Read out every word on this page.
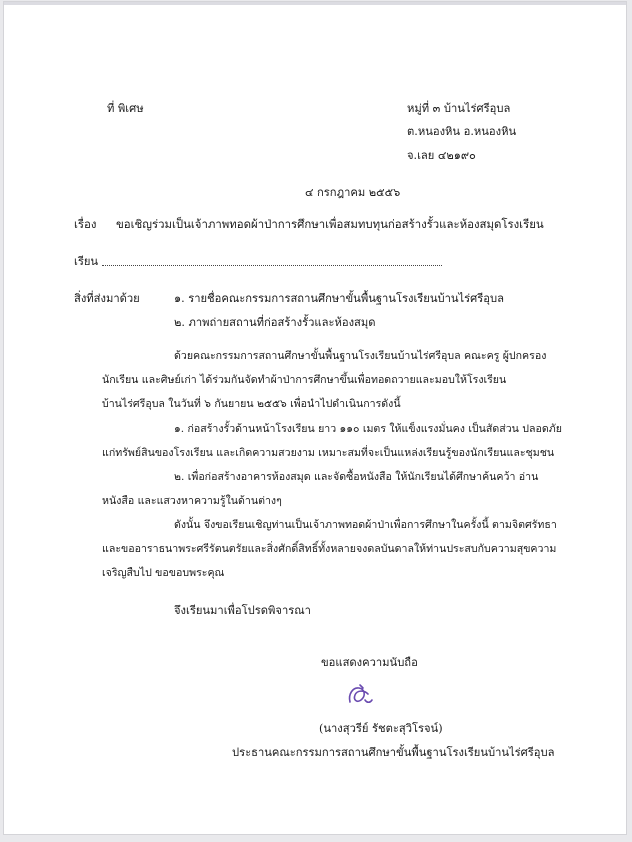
ที่ พิเศษ	หมู่ที่ ๓ บ้านไร่ศรีอุบล
ต.หนองหิน อ.หนองหิน
จ.เลย ๔๒๑๙๐
๔ กรกฎาคม ๒๕๕๖
เรื่อง ขอเชิญร่วมเป็นเจ้าภาพทอดผ้าป่าการศึกษาเพื่อสมทบทุนก่อสร้างรั้วและห้องสมุดโรงเรียน
เรียน
สิ่งที่ส่งมาด้วย	๑. รายชื่อคณะกรรมการสถานศึกษาขั้นพื้นฐานโรงเรียนบ้านไร่ศรีอุบล
๒. ภาพถ่ายสถานที่ก่อสร้างรั้วและห้องสมุด
ด้วยคณะกรรมการสถานศึกษาขั้นพื้นฐานโรงเรียนบ้านไร่ศรีอุบล คณะครู ผู้ปกครอง
นักเรียน และศิษย์เก่า ได้ร่วมกันจัดทำผ้าป่าการศึกษาขึ้นเพื่อทอดถวายและมอบให้โรงเรียน
บ้านไร่ศรีอุบล ในวันที่ ๖ กันยายน ๒๕๕๖ เพื่อนำไปดำเนินการดังนี้
๑. ก่อสร้างรั้วด้านหน้าโรงเรียน ยาว ๑๑๐ เมตร ให้แข็งแรงมั่นคง เป็นสัดส่วน ปลอดภัย
แก่ทรัพย์สินของโรงเรียน และเกิดความสวยงาม เหมาะสมที่จะเป็นแหล่งเรียนรู้ของนักเรียนและชุมชน
๒. เพื่อก่อสร้างอาคารห้องสมุด และจัดซื้อหนังสือ ให้นักเรียนได้ศึกษาค้นคว้า อ่าน
หนังสือ และแสวงหาความรู้ในด้านต่างๆ
ดังนั้น จึงขอเรียนเชิญท่านเป็นเจ้าภาพทอดผ้าป่าเพื่อการศึกษาในครั้งนี้ ตามจิตศรัทธา
และขออาราธนาพระศรีรัตนตรัยและสิ่งศักดิ์สิทธิ์ทั้งหลายจงดลบันดาลให้ท่านประสบกับความสุขความ
เจริญสืบไป ขอขอบพระคุณ
จึงเรียนมาเพื่อโปรดพิจารณา
ขอแสดงความนับถือ
(นางสุวรีย์ รัชตะสุวิโรจน์)
ประธานคณะกรรมการสถานศึกษาขั้นพื้นฐานโรงเรียนบ้านไร่ศรีอุบล
